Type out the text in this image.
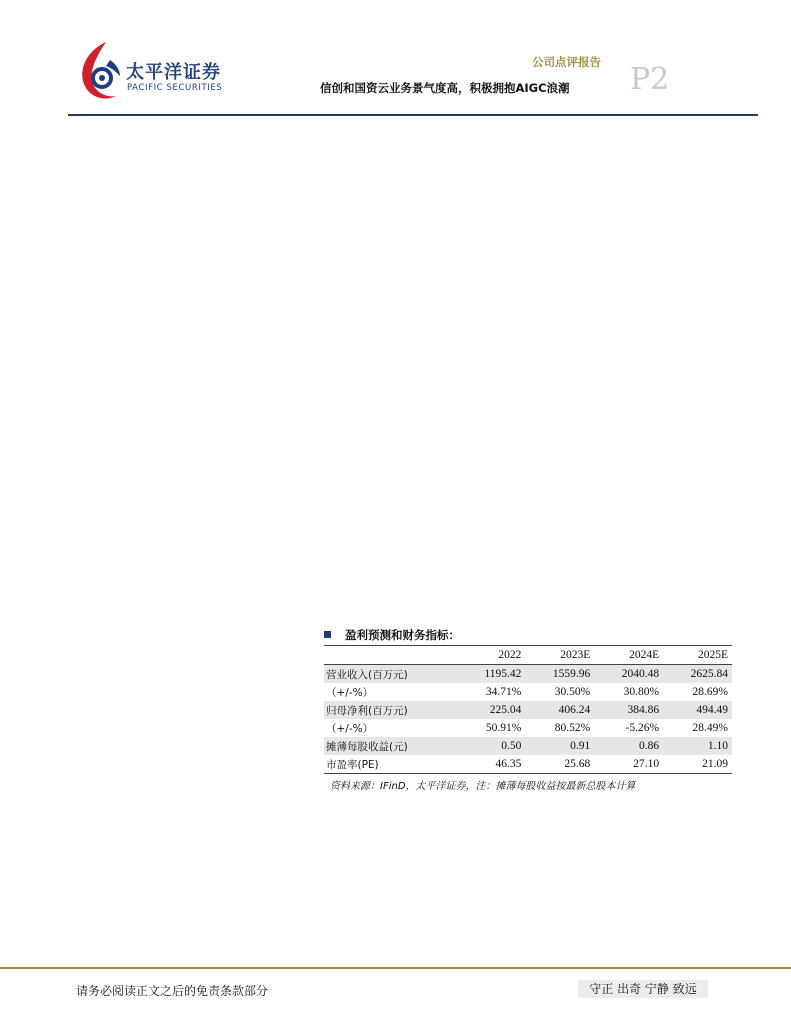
太平洋证券
PACIFIC SECURITIES
公司点评报告
信创和国资云业务景气度高，积极拥抱AIGC浪潮 P2
盈利预测和财务指标：
	2022	2023E	2024E	2025E
营业收入(百万元)	1195.42	1559.96	2040.48	2625.84
（+/-%）	34.71%	30.50%	30.80%	28.69%
归母净利(百万元)	225.04	406.24	384.86	494.49
（+/-%）	50.91%	80.52%	-5.26%	28.49%
摊薄每股收益(元)	0.50	0.91	0.86	1.10
市盈率(PE)	46.35	25.68	27.10	21.09
资料来源：IFinD，太平洋证券，注：摊薄每股收益按最新总股本计算
请务必阅读正文之后的免责条款部分	守正 出奇 宁静 致远
